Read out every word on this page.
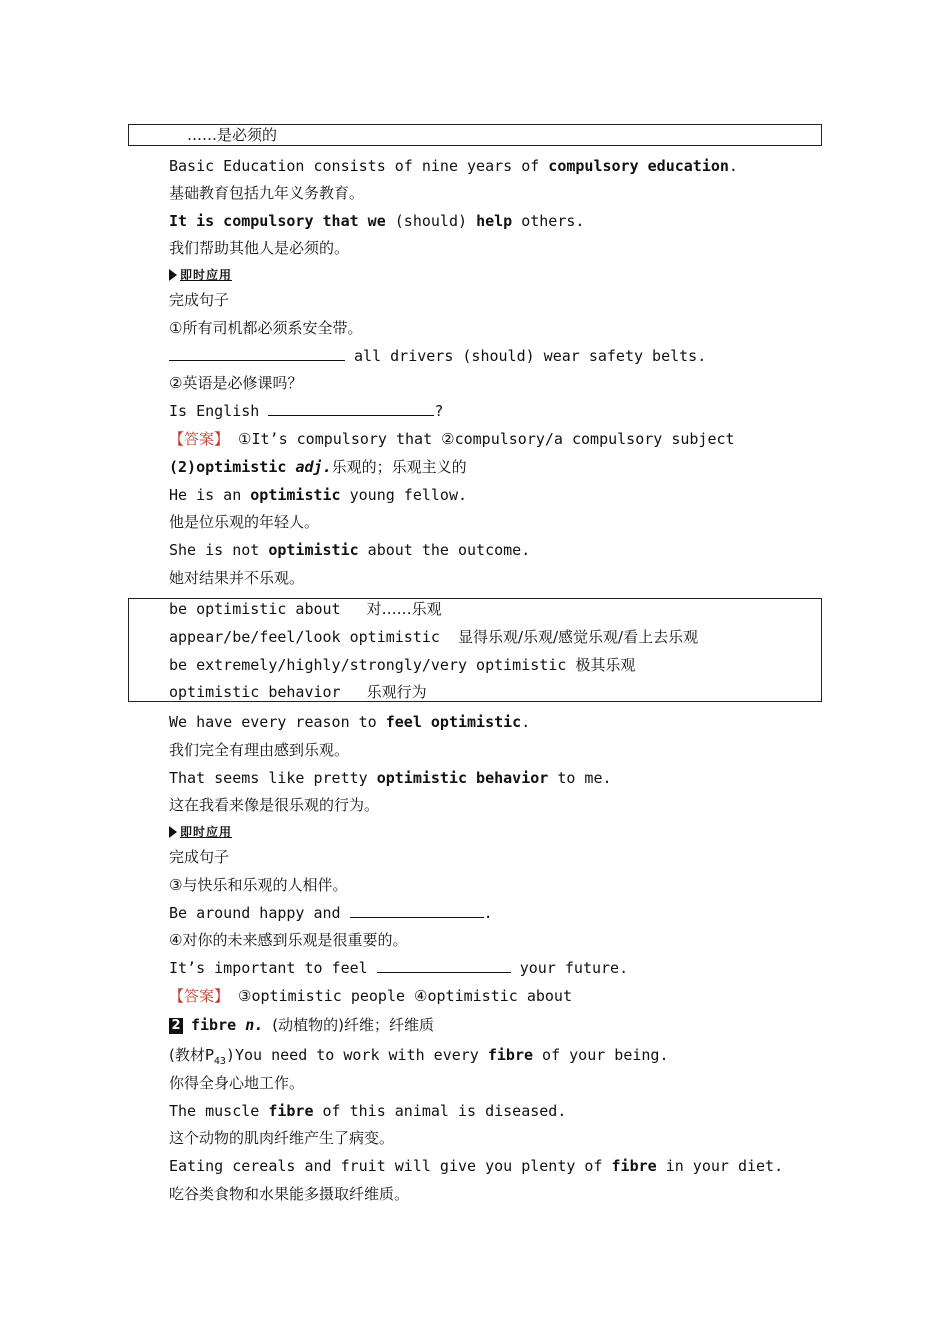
……是必须的
Basic Education consists of nine years of compulsory education.
基础教育包括九年义务教育。
It is compulsory that we (should) help others.
我们帮助其他人是必须的。
即时应用
完成句子
①所有司机都必须系安全带。
all drivers (should) wear safety belts.
②英语是必修课吗？
Is English	?
【答案】 ①It’s compulsory that ②compulsory/a compulsory subject
(2)optimistic adj.乐观的；乐观主义的
He is an optimistic young fellow.
他是位乐观的年轻人。
She is not optimistic about the outcome.
她对结果并不乐观。
be optimistic about 对……乐观
appear/be/feel/look optimistic 显得乐观/乐观/感觉乐观/看上去乐观
be extremely/highly/strongly/very optimistic 极其乐观
optimistic behavior 乐观行为
We have every reason to feel optimistic.
我们完全有理由感到乐观。
That seems like pretty optimistic behavior to me.
这在我看来像是很乐观的行为。
即时应用
完成句子
③与快乐和乐观的人相伴。
Be around happy and	.
④对你的未来感到乐观是很重要的。
It’s important to feel	your future.
【答案】 ③optimistic people ④optimistic about
2 fibre n. (动植物的)纤维；纤维质
(教材$P_{43})You$ need to work with every fibre of your being.
你得全身心地工作。
The muscle fibre of this animal is diseased.
这个动物的肌肉纤维产生了病变。
Eating cereals and fruit will give you plenty of fibre in your diet.
吃谷类食物和水果能多摄取纤维质。
